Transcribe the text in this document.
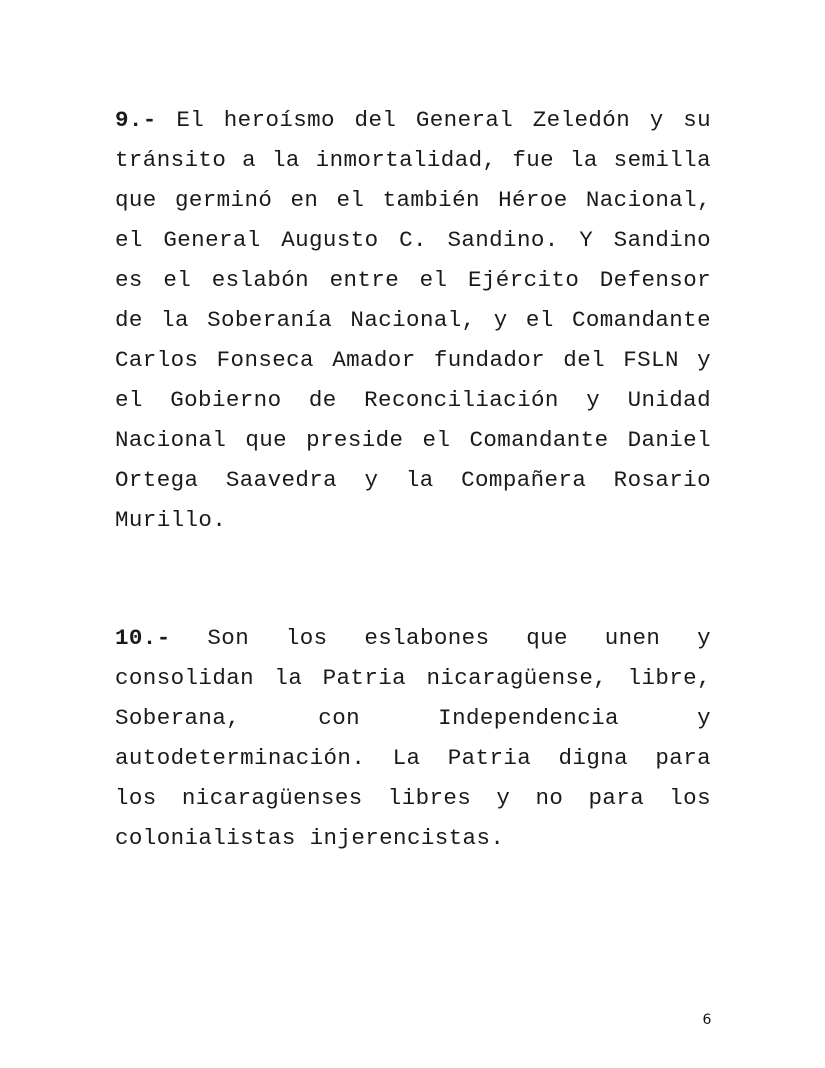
9.- El heroísmo del General Zeledón y su tránsito a la inmortalidad, fue la semilla que germinó en el también Héroe Nacional, el General Augusto C. Sandino. Y Sandino es el eslabón entre el Ejército Defensor de la Soberanía Nacional, y el Comandante Carlos Fonseca Amador fundador del FSLN y el Gobierno de Reconciliación y Unidad Nacional que preside el Comandante Daniel Ortega Saavedra y la Compañera Rosario Murillo.

10.- Son los eslabones que unen y consolidan la Patria nicaragüense, libre, Soberana, con Independencia y autodeterminación. La Patria digna para los nicaragüenses libres y no para los colonialistas injerencistas.

6
